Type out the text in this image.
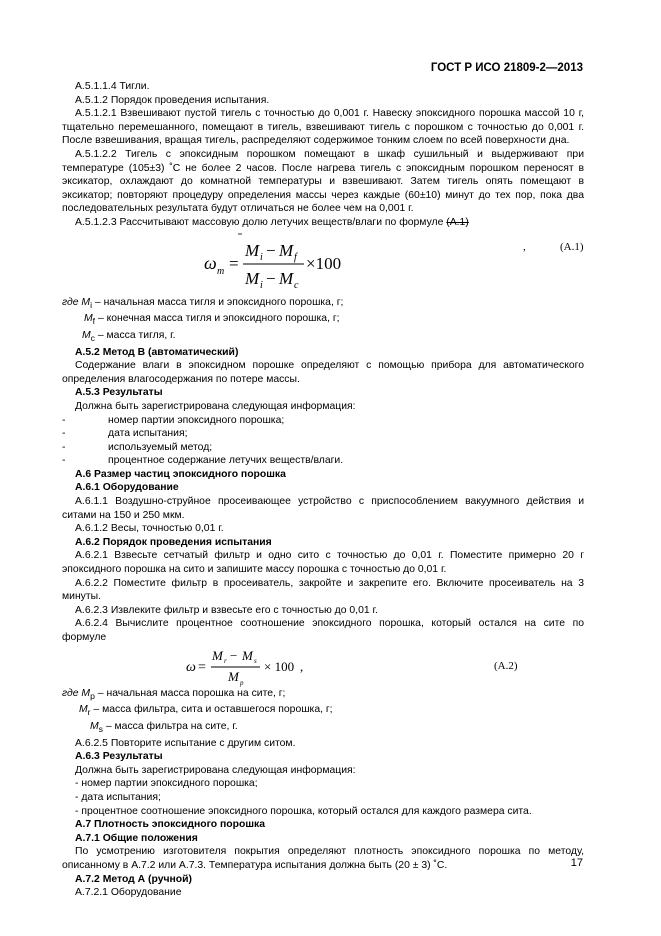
ГОСТ Р ИСО 21809-2—2013

А.5.1.1.4 Тигли.

А.5.1.2 Порядок проведения испытания.

А.5.1.2.1 Взвешивают пустой тигель с точностью до 0,001 г. Навеску эпоксидного порошка массой 10 г, тщательно перемешанного, помещают в тигель, взвешивают тигель с порошком с точностью до 0,001 г. После взвешивания, вращая тигель, распределяют содержимое тонким слоем по всей поверхности дна.

А.5.1.2.2 Тигель с эпоксидным порошком помещают в шкаф сушильный и выдерживают при температуре (105±3) ˚С не более 2 часов. После нагрева тигель с эпоксидным порошком переносят в эксикатор, охлаждают до комнатной температуры и взвешивают. Затем тигель опять помещают в эксикатор; повторяют процедуру определения массы через каждые (60±10) минут до тех пор, пока два последовательных результата будут отличаться не более чем на 0,001 г.

А.5.1.2.3 Рассчитывают массовую долю летучих веществ/влаги по формуле (А.1)

ω m =
M i − M f
M i − M c
×100
,	(А.1)

где $M_i$ – начальная масса тигля и эпоксидного порошка, г;

$M_f$ – конечная масса тигля и эпоксидного порошка, г;

$M_c$ – масса тигля, г.

А.5.2 Метод В (автоматический)

Содержание влаги в эпоксидном порошке определяют с помощью прибора для автоматического определения влагосодержания по потере массы.

А.5.3 Результаты

Должна быть зарегистрирована следующая информация:

-	номер партии эпоксидного порошка;

-	дата испытания;

-	используемый метод;

-	процентное содержание летучих веществ/влаги.

А.6 Размер частиц эпоксидного порошка

А.6.1 Оборудование

А.6.1.1 Воздушно-струйное просеивающее устройство с приспособлением вакуумного действия и ситами на 150 и 250 мкм.

А.6.1.2 Весы, точностью 0,01 г.

А.6.2 Порядок проведения испытания

А.6.2.1 Взвесьте сетчатый фильтр и одно сито с точностью до 0,01 г. Поместите примерно 20 г эпоксидного порошка на сито и запишите массу порошка с точностью до 0,01 г.

А.6.2.2 Поместите фильтр в просеиватель, закройте и закрепите его. Включите просеиватель на 3 минуты.

А.6.2.3 Извлеките фильтр и взвесьте его с точностью до 0,01 г.

А.6.2.4 Вычислите процентное соотношение эпоксидного порошка, который остался на сите по формуле

ω =
M r − M s
M p
× 100 ,	(А.2)

где $M_p$ – начальная масса порошка на сите, г;

$M_r$ – масса фильтра, сита и оставшегося порошка, г;

$M_s$ – масса фильтра на сите, г.

А.6.2.5 Повторите испытание с другим ситом.

А.6.3 Результаты

Должна быть зарегистрирована следующая информация:

- номер партии эпоксидного порошка;

- дата испытания;

- процентное соотношение эпоксидного порошка, который остался для каждого размера сита.

А.7 Плотность эпоксидного порошка

А.7.1 Общие положения

По усмотрению изготовителя покрытия определяют плотность эпоксидного порошка по методу, описанному в А.7.2 или А.7.3. Температура испытания должна быть (20 ± 3) ˚С.

А.7.2 Метод А (ручной)

А.7.2.1 Оборудование

17
